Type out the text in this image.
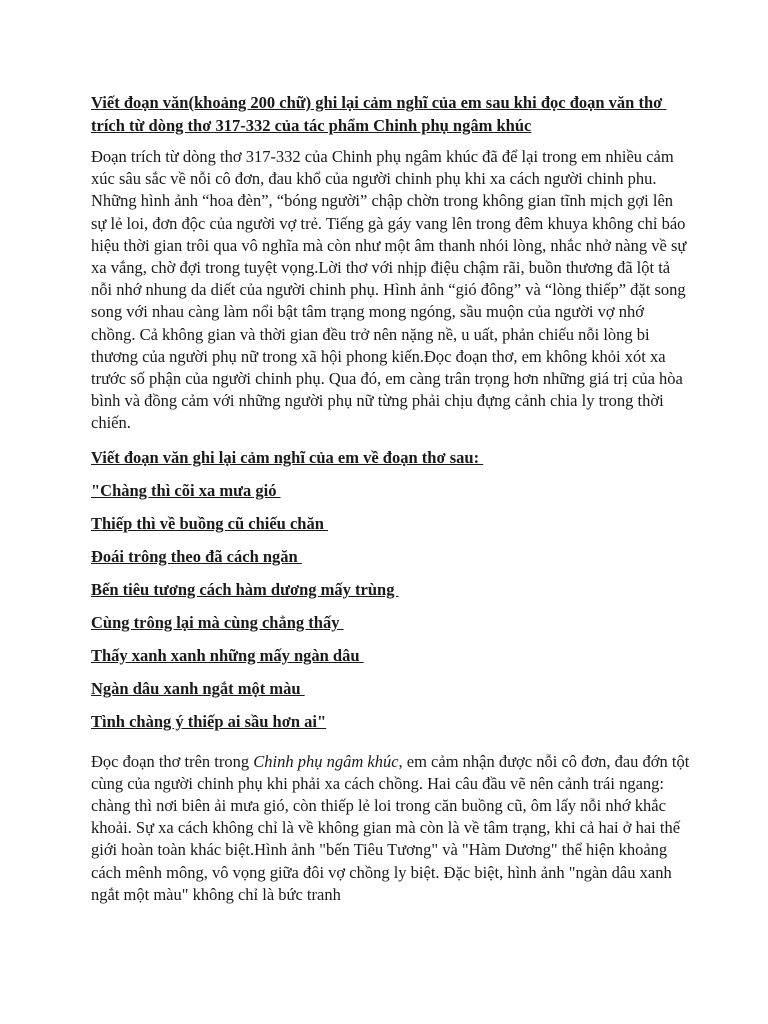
Viết đoạn văn(khoảng 200 chữ) ghi lại cảm nghĩ của em sau khi đọc đoạn văn thơ trích từ dòng thơ 317-332 của tác phẩm Chinh phụ ngâm khúc

Đoạn trích từ dòng thơ 317-332 của Chinh phụ ngâm khúc đã để lại trong em nhiều cảm xúc sâu sắc về nỗi cô đơn, đau khổ của người chinh phụ khi xa cách người chinh phu. Những hình ảnh “hoa đèn”, “bóng người” chập chờn trong không gian tĩnh mịch gợi lên sự lẻ loi, đơn độc của người vợ trẻ. Tiếng gà gáy vang lên trong đêm khuya không chỉ báo hiệu thời gian trôi qua vô nghĩa mà còn như một âm thanh nhói lòng, nhắc nhở nàng về sự xa vắng, chờ đợi trong tuyệt vọng.Lời thơ với nhịp điệu chậm rãi, buồn thương đã lột tả nỗi nhớ nhung da diết của người chinh phụ. Hình ảnh “gió đông” và “lòng thiếp” đặt song song với nhau càng làm nổi bật tâm trạng mong ngóng, sầu muộn của người vợ nhớ chồng. Cả không gian và thời gian đều trở nên nặng nề, u uất, phản chiếu nỗi lòng bi thương của người phụ nữ trong xã hội phong kiến.Đọc đoạn thơ, em không khỏi xót xa trước số phận của người chinh phụ. Qua đó, em càng trân trọng hơn những giá trị của hòa bình và đồng cảm với những người phụ nữ từng phải chịu đựng cảnh chia ly trong thời chiến.

Viết đoạn văn ghi lại cảm nghĩ của em về đoạn thơ sau:

"Chàng thì cõi xa mưa gió
Thiếp thì về buồng cũ chiếu chăn
Đoái trông theo đã cách ngăn
Bến tiêu tương cách hàm dương mấy trùng
Cùng trông lại mà cùng chẳng thấy
Thấy xanh xanh những mấy ngàn dâu
Ngàn dâu xanh ngắt một màu
Tình chàng ý thiếp ai sầu hơn ai"

Đọc đoạn thơ trên trong Chinh phụ ngâm khúc, em cảm nhận được nỗi cô đơn, đau đớn tột cùng của người chinh phụ khi phải xa cách chồng. Hai câu đầu vẽ nên cảnh trái ngang: chàng thì nơi biên ải mưa gió, còn thiếp lẻ loi trong căn buồng cũ, ôm lấy nỗi nhớ khắc khoải. Sự xa cách không chỉ là về không gian mà còn là về tâm trạng, khi cả hai ở hai thế giới hoàn toàn khác biệt.Hình ảnh "bến Tiêu Tương" và "Hàm Dương" thể hiện khoảng cách mênh mông, vô vọng giữa đôi vợ chồng ly biệt. Đặc biệt, hình ảnh "ngàn dâu xanh ngắt một màu" không chỉ là bức tranh
